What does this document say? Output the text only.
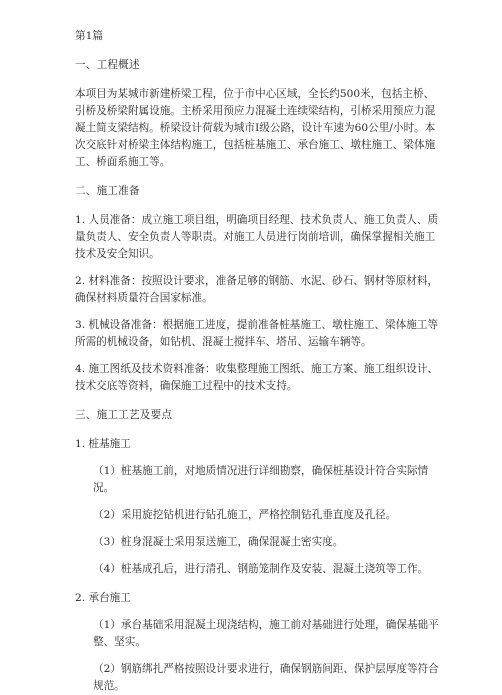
第1篇

一、工程概述

本项目为某城市新建桥梁工程，位于市中心区域，全长约500米，包括主桥、引桥及桥梁附属设施。主桥采用预应力混凝土连续梁结构，引桥采用预应力混凝土简支梁结构。桥梁设计荷载为城市Ⅰ级公路，设计车速为60公里/小时。本次交底针对桥梁主体结构施工，包括桩基施工、承台施工、墩柱施工、梁体施工、桥面系施工等。

二、施工准备

1. 人员准备：成立施工项目组，明确项目经理、技术负责人、施工负责人、质量负责人、安全负责人等职责。对施工人员进行岗前培训，确保掌握相关施工技术及安全知识。

2. 材料准备：按照设计要求，准备足够的钢筋、水泥、砂石、钢材等原材料，确保材料质量符合国家标准。

3. 机械设备准备：根据施工进度，提前准备桩基施工、墩柱施工、梁体施工等所需的机械设备，如钻机、混凝土搅拌车、塔吊、运输车辆等。

4. 施工图纸及技术资料准备：收集整理施工图纸、施工方案、施工组织设计、技术交底等资料，确保施工过程中的技术支持。

三、施工工艺及要点

1. 桩基施工

（1）桩基施工前，对地质情况进行详细勘察，确保桩基设计符合实际情况。

（2）采用旋挖钻机进行钻孔施工，严格控制钻孔垂直度及孔径。

（3）桩身混凝土采用泵送施工，确保混凝土密实度。

（4）桩基成孔后，进行清孔、钢筋笼制作及安装、混凝土浇筑等工作。

2. 承台施工

（1）承台基础采用混凝土现浇结构，施工前对基础进行处理，确保基础平整、坚实。

（2）钢筋绑扎严格按照设计要求进行，确保钢筋间距、保护层厚度等符合规范。
